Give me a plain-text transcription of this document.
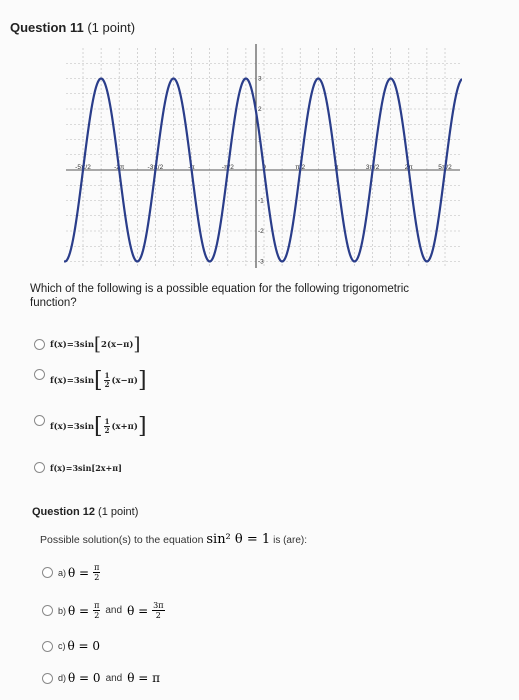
Question 11 (1 point)
-5π/2	-2π	-3π/2	-π	-π/2	0	π/2	π	3π/2	2π	5π/2
3
2
1
-1
-2
-3
Which of the following is a possible equation for the following trigonometric function?
f(x)=3sin[2(x−π)]
$f(x)=3\sin[ \frac{1}{2} (x-\pi)]$
$f(x)=3\sin[ \frac{1}{2} (x+\pi)]$
f(x)=3sin[2x+π]
Question 12 (1 point)
Possible solution(s) to the equation sin² θ = 1 is (are):
a) $\theta = \frac{\pi}{2}$
b) $\theta = \frac{\pi}{2}$ and $\theta = \frac{3\pi}{2}$
c) θ = 0
d) θ = 0 and θ = π
